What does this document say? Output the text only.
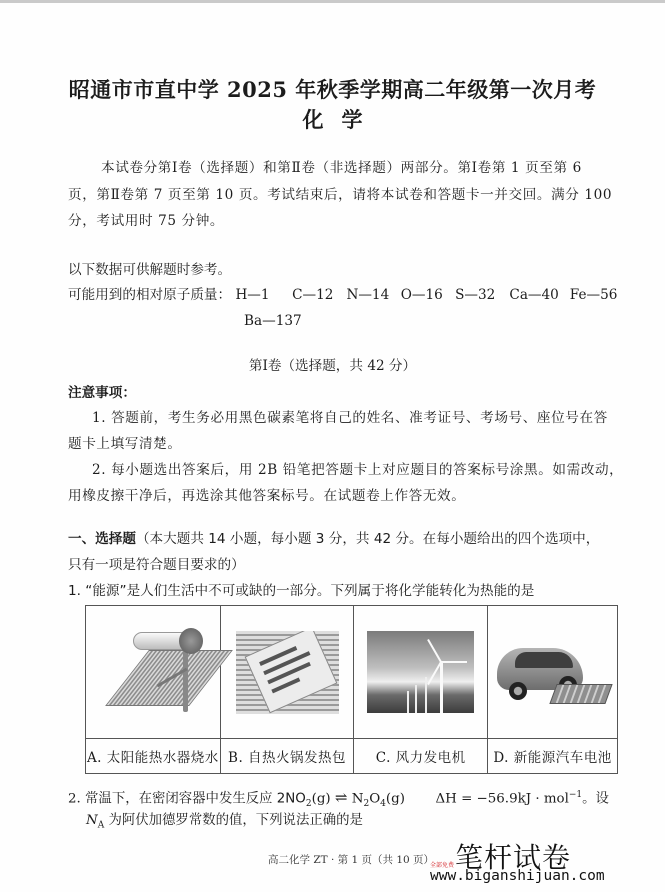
昭通市市直中学 2025 年秋季学期高二年级第一次月考
化学
本试卷分第Ⅰ卷（选择题）和第Ⅱ卷（非选择题）两部分。第Ⅰ卷第 1 页至第 6
页，第Ⅱ卷第 7 页至第 10 页。考试结束后，请将本试卷和答题卡一并交回。满分 100
分，考试用时 75 分钟。
以下数据可供解题时参考。
可能用到的相对原子质量： H—1 C—12 N—14 O—16 S—32 Ca—40 Fe—56
Ba—137
第Ⅰ卷（选择题，共 42 分）
注意事项：
1. 答题前，考生务必用黑色碳素笔将自己的姓名、准考证号、考场号、座位号在答
题卡上填写清楚。
2. 每小题选出答案后，用 2B 铅笔把答题卡上对应题目的答案标号涂黑。如需改动，
用橡皮擦干净后，再选涂其他答案标号。在试题卷上作答无效。
一、选择题（本大题共 14 小题，每小题 3 分，共 42 分。在每小题给出的四个选项中，
只有一项是符合题目要求的）
1. “能源”是人们生活中不可或缺的一部分。下列属于将化学能转化为热能的是

A. 太阳能热水器烧水	B. 自热火锅发热包	C. 风力发电机	D. 新能源汽车电池
2. 常温下，在密闭容器中发生反应 $2NO_2(g)$ ⇌ $N_2O_4(g) \Delta H = -56.9kJ \cdot mol^{-1}$。设
$N_A$ 为阿伏加德罗常数的值，下列说法正确的是
高二化学 ZT · 第 1 页（共 10 页）
全部免费 笔杆试卷
www.biganshijuan.com
